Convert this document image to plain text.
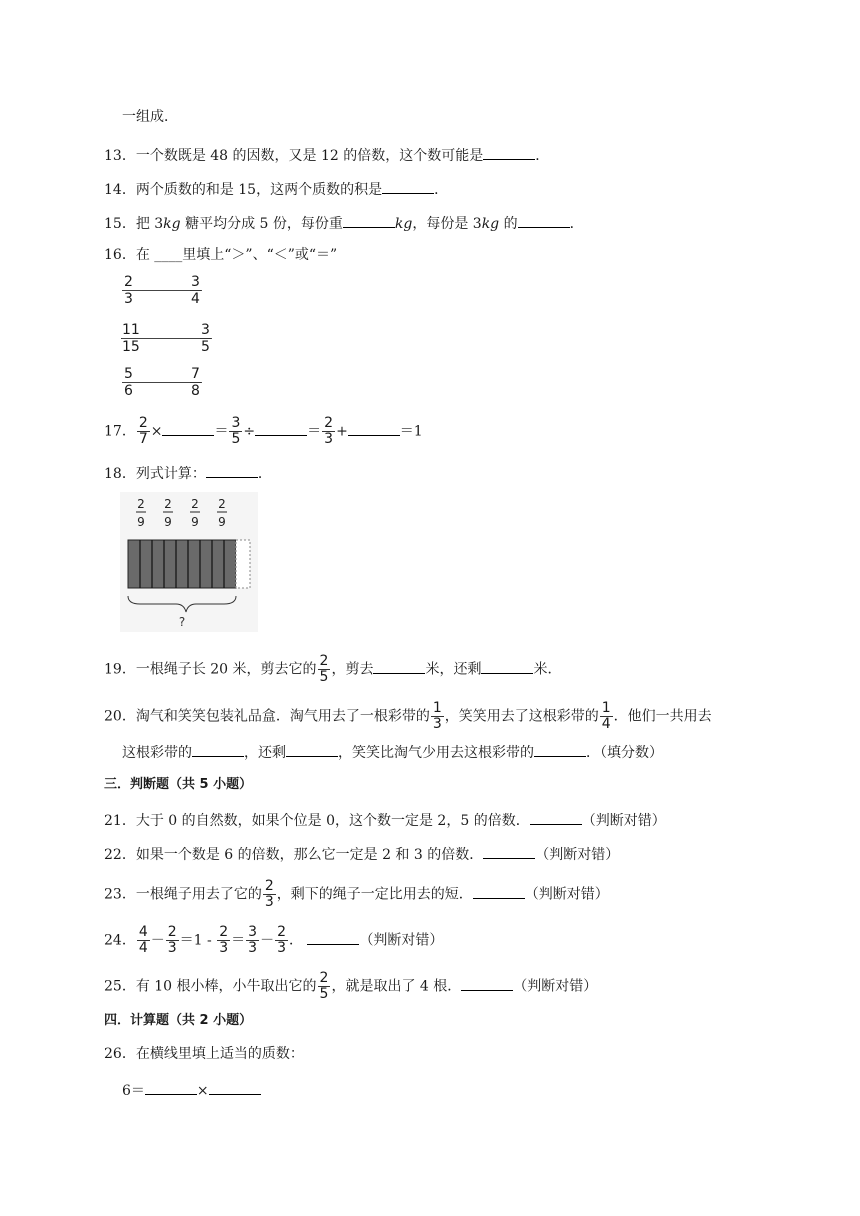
一组成．
13．一个数既是 48 的因数，又是 12 的倍数，这个数可能是	．
14．两个质数的和是 15，这两个质数的积是	．
15．把 3kg 糖平均分成 5 份，每份重	kg，每份是 3kg 的	．
16．在 ____里填上“＞”、“＜”或“＝”
$\frac{2}{3}$	$\frac{3}{4}$
$\frac{11}{15}$	$\frac{3}{5}$
$\frac{5}{6}$	$\frac{7}{8}$
17． $\frac{2}{7}$ ×	＝ $\frac{3}{5}$ ÷	＝ $\frac{2}{3}$ +	＝1
18．列式计算：	．
2
9
2
9
2
9
2
9
?
19．一根绳子长 20 米，剪去它的 $\frac{2}{5}$ ，剪去	米，还剩	米．
20．淘气和笑笑包装礼品盒．淘气用去了一根彩带的 $\frac{1}{3}$ ，笑笑用去了这根彩带的 $\frac{1}{4}$ ．他们一共用去
这根彩带的	，还剩	，笑笑比淘气少用去这根彩带的	．（填分数）
三．判断题（共 5 小题）
21．大于 0 的自然数，如果个位是 0，这个数一定是 2，5 的倍数．	（判断对错）
22．如果一个数是 6 的倍数，那么它一定是 2 和 3 的倍数．	（判断对错）
23．一根绳子用去了它的 $\frac{2}{3}$ ，剩下的绳子一定比用去的短．	（判断对错）
24． $\frac{4}{4} - \frac{2}{3} =1 - \frac{2}{3} = \frac{3}{3} - \frac{2}{3}$ ．	（判断对错）
25．有 10 根小棒，小牛取出它的 $\frac{2}{5}$ ，就是取出了 4 根．	（判断对错）
四．计算题（共 2 小题）
26．在横线里填上适当的质数：
6＝	×
